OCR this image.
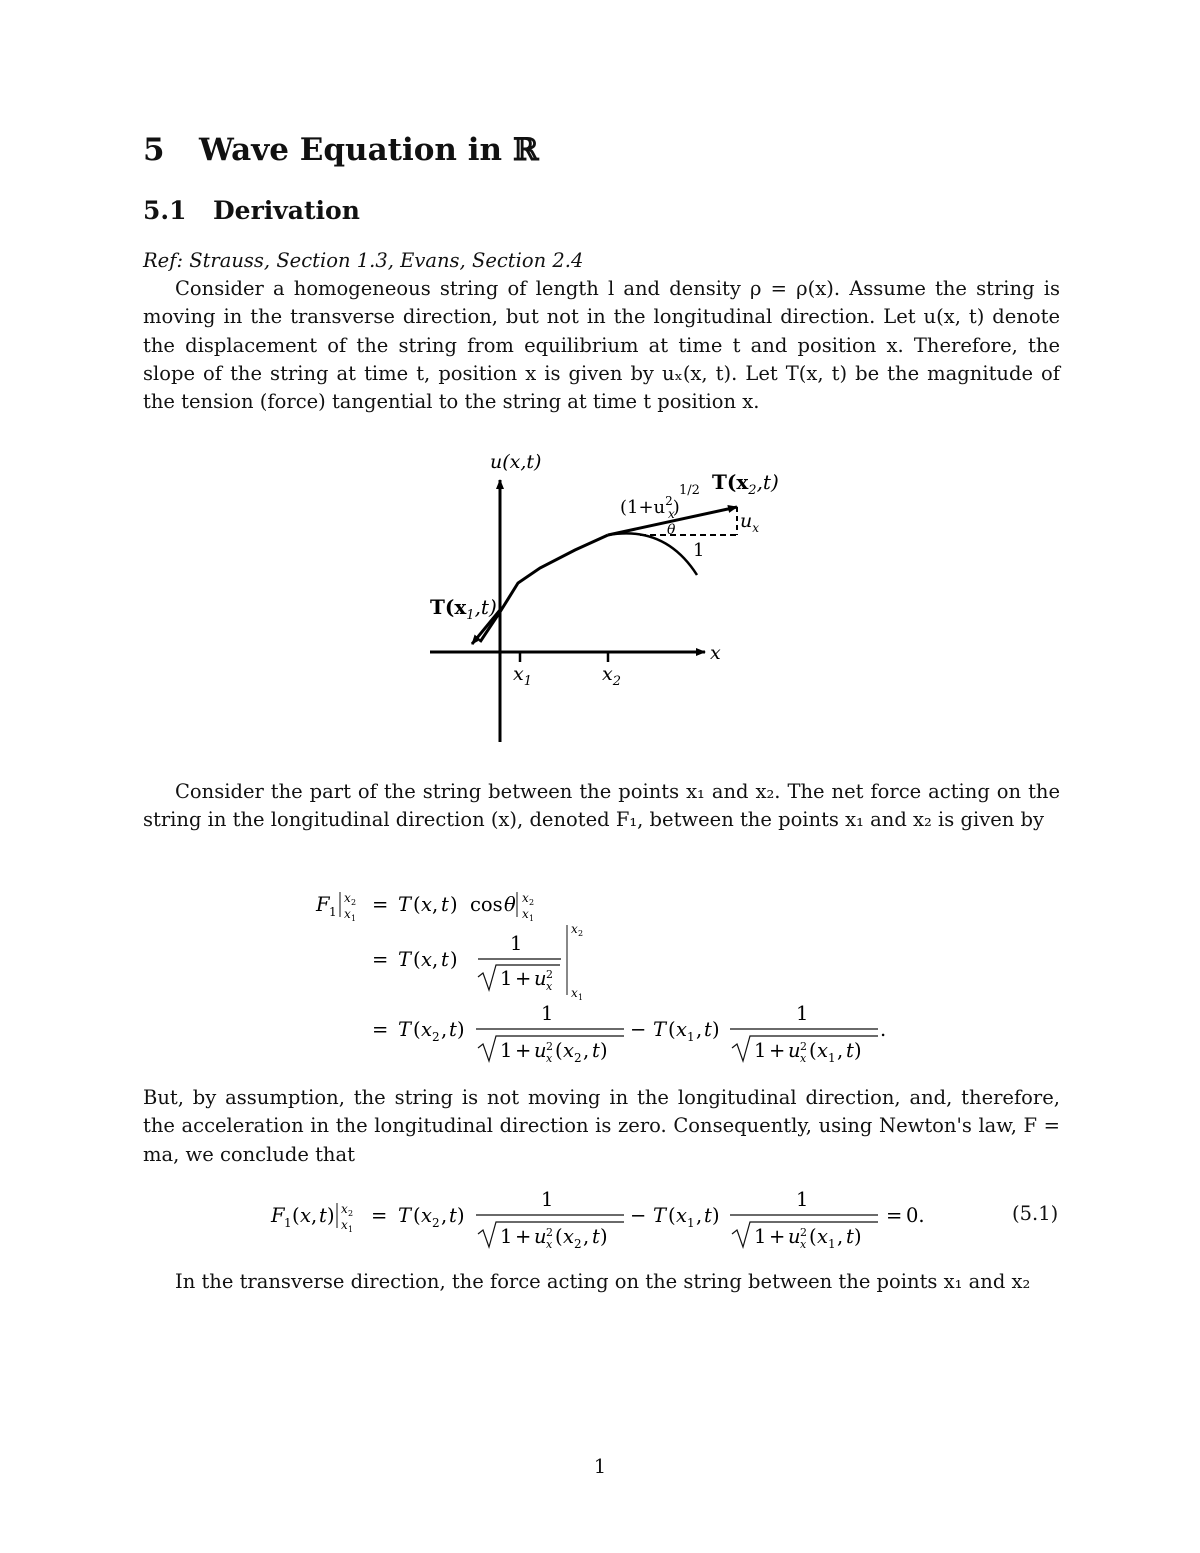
5 Wave Equation in ℝ
5.1 Derivation
Ref: Strauss, Section 1.3, Evans, Section 2.4
Consider a homogeneous string of length l and density ρ = ρ(x). Assume the string is moving in the transverse direction, but not in the longitudinal direction. Let u(x, t) denote the displacement of the string from equilibrium at time t and position x. Therefore, the slope of the string at time t, position x is given by uₓ(x, t). Let T(x, t) be the magnitude of the tension (force) tangential to the string at time t position x.
u(x,t)
x
$x_1$	$x_2$
$T(x_1,t)$
$T(x_2,t)$
$(1+u^2)$
x
1/2
θ
1
$u_x$
Consider the part of the string between the points x₁ and x₂. The net force acting on the string in the longitudinal direction (x), denoted F₁, between the points x₁ and x₂ is given by
F 1
x 2
x 1
= T ( x , t ) cos θ x 2
x 1
= T ( x , t )
1
1 + u 2
x
x 2
x 1
= T ( x 2 , t )
1
1 + u 2
x ( x 2 , t )
− T ( x 1 , t )
1
1 + u 2
x ( x 1 , t )
.
But, by assumption, the string is not moving in the longitudinal direction, and, therefore, the acceleration in the longitudinal direction is zero. Consequently, using Newton's law, F = ma, we conclude that
F 1 ( x , t ) x 2
x 1
= T ( x 2 , t )
1
1 + u 2
x ( x 2 , t )
− T ( x 1 , t )
1
1 + u 2
x ( x 1 , t )
= 0.	(5.1)
In the transverse direction, the force acting on the string between the points x₁ and x₂
1
